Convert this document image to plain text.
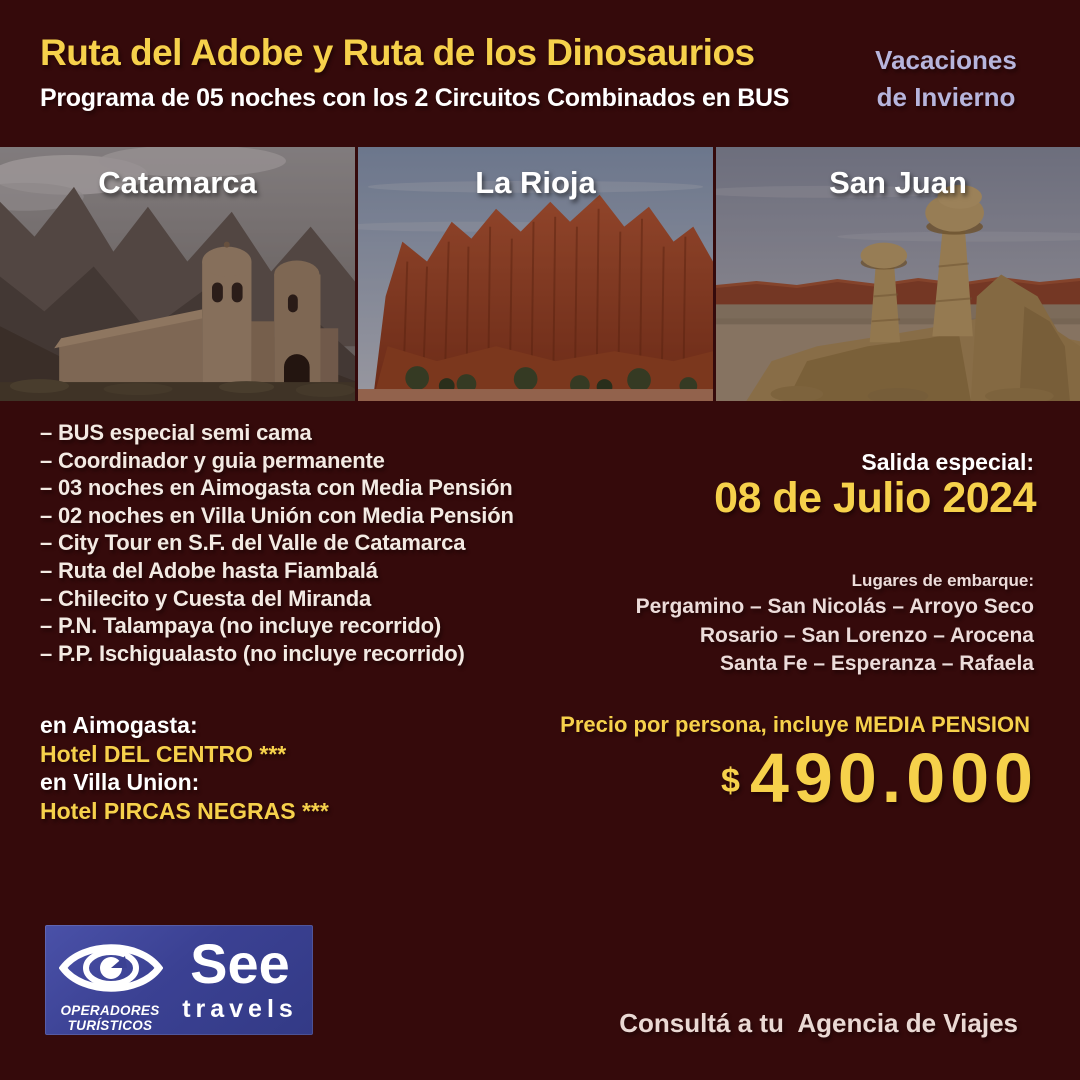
Ruta del Adobe y Ruta de los Dinosaurios
Programa de 05 noches con los 2 Circuitos Combinados en BUS
Vacaciones
de Invierno
Catamarca	La Rioja	San Juan
– BUS especial semi cama
– Coordinador y guia permanente
– 03 noches en Aimogasta con Media Pensión
– 02 noches en Villa Unión con Media Pensión
– City Tour en S.F. del Valle de Catamarca
– Ruta del Adobe hasta Fiambalá
– Chilecito y Cuesta del Miranda
– P.N. Talampaya (no incluye recorrido)
– P.P. Ischigualasto (no incluye recorrido)
Salida especial:
08 de Julio 2024
Lugares de embarque:
Pergamino – San Nicolás – Arroyo Seco
Rosario – San Lorenzo – Arocena
Santa Fe – Esperanza – Rafaela
en Aimogasta:
Hotel DEL CENTRO ***
en Villa Union:
Hotel PIRCAS NEGRAS ***
Precio por persona, incluye MEDIA PENSION
$ 490.000
OPERADORES
TURÍSTICOS
See
travels	Consultá a tu  Agencia de Viajes
